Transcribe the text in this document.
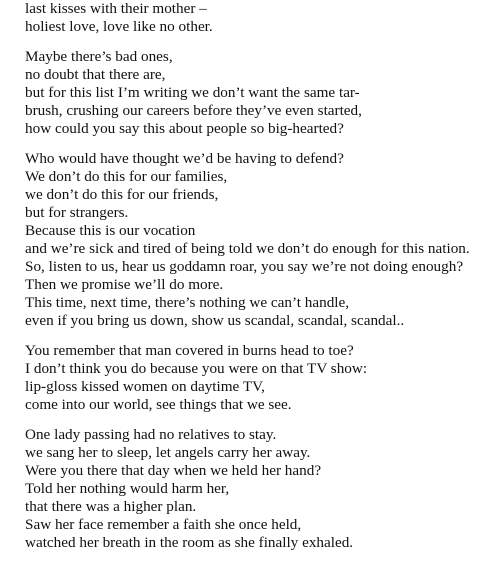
last kisses with their mother –
holiest love, love like no other.
Maybe there’s bad ones,
no doubt that there are,
but for this list I’m writing we don’t want the same tar-
brush, crushing our careers before they’ve even started,
how could you say this about people so big-hearted?
Who would have thought we’d be having to defend?
We don’t do this for our families,
we don’t do this for our friends,
but for strangers.
Because this is our vocation
and we’re sick and tired of being told we don’t do enough for this nation.
So, listen to us, hear us goddamn roar, you say we’re not doing enough?
Then we promise we’ll do more.
This time, next time, there’s nothing we can’t handle,
even if you bring us down, show us scandal, scandal, scandal..
You remember that man covered in burns head to toe?
I don’t think you do because you were on that TV show:
lip-gloss kissed women on daytime TV,
come into our world, see things that we see.
One lady passing had no relatives to stay.
we sang her to sleep, let angels carry her away.
Were you there that day when we held her hand?
Told her nothing would harm her,
that there was a higher plan.
Saw her face remember a faith she once held,
watched her breath in the room as she finally exhaled.
